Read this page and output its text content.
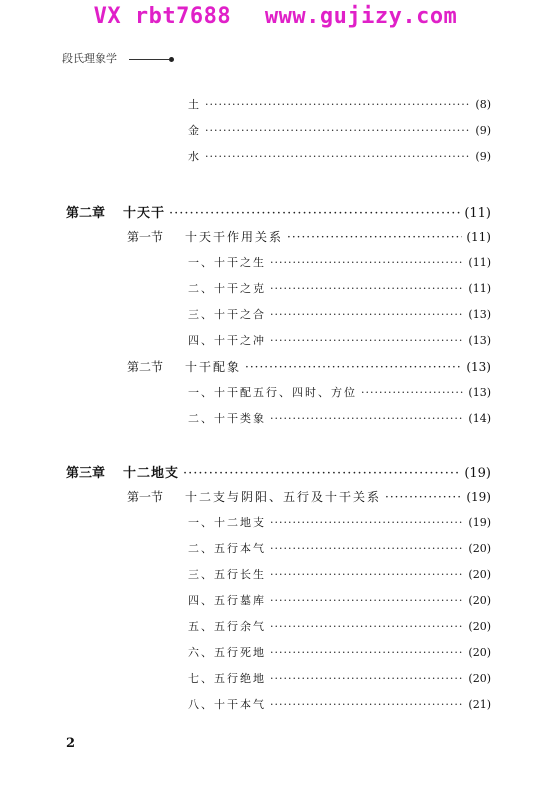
VX rbt7688 www.gujizy.com
段氏理象学
土 ·····	(8)
金 ·····	(9)
水 ·····	(9)
第二章 十天干 ·····	(11)
第一节 十天干作用关系 ·····	(11)
一、十干之生 ·····	(11)
二、十干之克 ·····	(11)
三、十干之合 ·····	(13)
四、十干之冲 ·····	(13)
第二节 十干配象 ·····	(13)
一、十干配五行、四时、方位 ·····	(13)
二、十干类象 ·····	(14)
第三章 十二地支 ·····	(19)
第一节 十二支与阴阳、五行及十干关系 ·····	(19)
一、十二地支 ·····	(19)
二、五行本气 ·····	(20)
三、五行长生 ·····	(20)
四、五行墓库 ·····	(20)
五、五行余气 ·····	(20)
六、五行死地 ·····	(20)
七、五行绝地 ·····	(20)
八、十干本气 ·····	(21)
2
